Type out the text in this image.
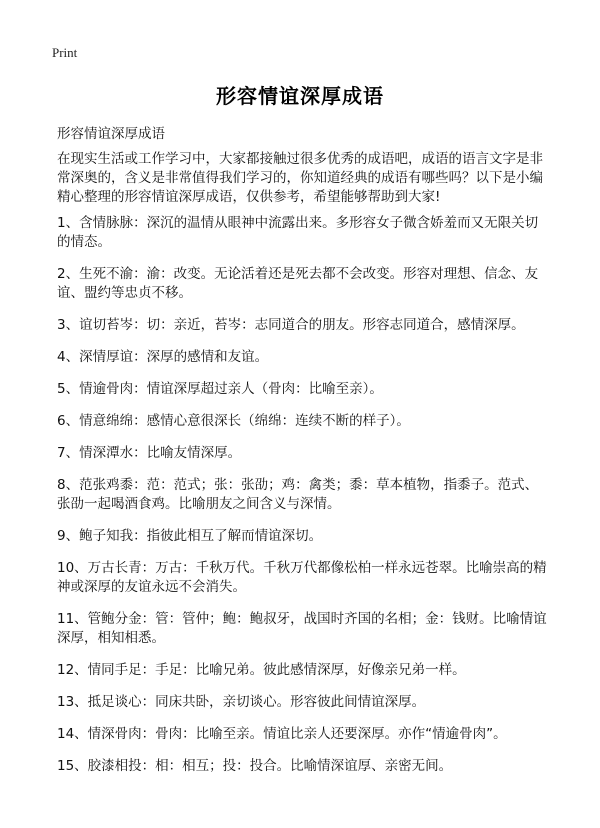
Print
形容情谊深厚成语
形容情谊深厚成语
在现实生活或工作学习中，大家都接触过很多优秀的成语吧，成语的语言文字是非常深奥的，含义是非常值得我们学习的，你知道经典的成语有哪些吗？以下是小编精心整理的形容情谊深厚成语，仅供参考，希望能够帮助到大家!
1、含情脉脉：深沉的温情从眼神中流露出来。多形容女子微含娇羞而又无限关切的情态。
2、生死不渝：渝：改变。无论活着还是死去都不会改变。形容对理想、信念、友谊、盟约等忠贞不移。
3、谊切苔岑：切：亲近，苔岑：志同道合的朋友。形容志同道合，感情深厚。
4、深情厚谊：深厚的感情和友谊。
5、情逾骨肉：情谊深厚超过亲人（骨肉：比喻至亲）。
6、情意绵绵：感情心意很深长（绵绵：连续不断的样子）。
7、情深潭水：比喻友情深厚。
8、范张鸡黍：范：范式；张：张劭；鸡：禽类；黍：草本植物，指黍子。范式、张劭一起喝酒食鸡。比喻朋友之间含义与深情。
9、鲍子知我：指彼此相互了解而情谊深切。
10、万古长青：万古：千秋万代。千秋万代都像松柏一样永远苍翠。比喻崇高的精神或深厚的友谊永远不会消失。
11、管鲍分金：管：管仲；鲍：鲍叔牙，战国时齐国的名相；金：钱财。比喻情谊深厚，相知相悉。
12、情同手足：手足：比喻兄弟。彼此感情深厚，好像亲兄弟一样。
13、抵足谈心：同床共卧，亲切谈心。形容彼此间情谊深厚。
14、情深骨肉：骨肉：比喻至亲。情谊比亲人还要深厚。亦作“情逾骨肉”。
15、胶漆相投：相：相互；投：投合。比喻情深谊厚、亲密无间。
